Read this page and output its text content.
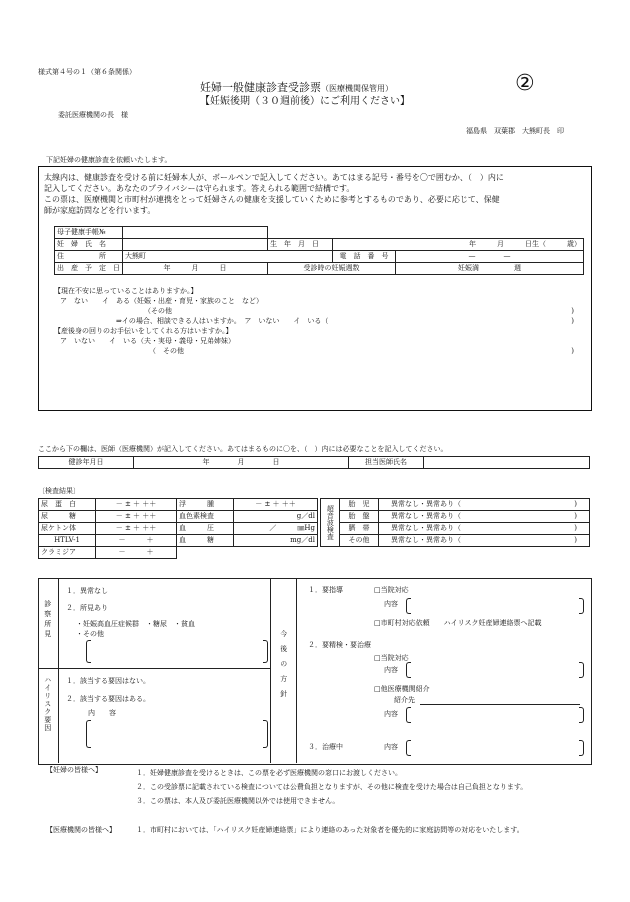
様式第４号の１（第６条関係）
妊婦一般健康診査受診票（医療機関保管用）
【妊娠後期（３０週前後）にご利用ください】
②
委託医療機関の長　様
福島県　双葉郡　大熊町長　印
下記妊婦の健康診査を依頼いたします。
太線内は、健康診査を受ける前に妊婦本人が、ボールペンで記入してください。あてはまる記号・番号を〇で囲むか、（　）内に
記入してください。あなたのプライバシーは守られます。答えられる範囲で結構です。
この票は、医療機関と市町村が連携をとって妊婦さんの健康を支援していくために参考とするものであり、必要に応じて、保健
師が家庭訪問などを行います。
母子健康手帳№				
妊　婦　氏　名		生　年　月　日	年　　　月　　　日生（　　　歳）	
住　　　　　所	大熊町		電　話　番　号	—　　　　—
出　産　予　定　日	年　　　月　　　日	受診時の妊娠週数		妊娠満　　　　　週
【現在不安に思っていることはありますか。】
ア　ない　　イ　ある（妊娠・出産・育児・家族のこと　など）
（その他	)
⇒イの場合、相談できる人はいますか。　ア　いない　　イ　いる（	)
【産後身の回りのお手伝いをしてくれる方はいますか。】
ア　いない　　イ　いる（夫・実母・義母・兄弟姉妹）
（　その他	)
ここから下の欄は、医師（医療機関）が記入してください。あてはまるものに〇を、（　）内には必要なことを記入してください。
健診年月日	年　　　　月　　　　日	担当医師氏名	
〔検査結果〕
尿　蛋　白	－ ± ＋ ＋＋	浮　　　腫	－ ± ＋ ＋＋
尿　　　糖	－ ± ＋ ＋＋	血色素検査	g／dl
尿ケトン体	－ ± ＋ ＋＋	血　　　圧	／　　　㎜Hg
HTLV-1	－　　　＋	血　　　糖	mg／dl
クラミジア	－　　　＋		
超音波検査	胎　児	異常なし・異常あり（ )

	胎　盤	異常なし・異常あり（ )

	臍　帯	異常なし・異常あり（ )

	その他	異常なし・異常あり（ )
診察所見
ハイリスク要因	今後の方針
１．異常なし
２．所見あり
・妊娠高血圧症候群　・糖尿　・貧血
・その他
１．該当する要因はない。
２．該当する要因はある。
内　　容
１．要指導	□当院対応
内容
□市町村対応依頼　　ハイリスク妊産婦連絡票へ記載
２．要精検・要治療
□当院対応
内容
□他医療機関紹介
紹介先
内容
３．治療中	内容
【妊婦の皆様へ】	１．妊婦健康診査を受けるときは、この票を必ず医療機関の窓口にお渡しください。
２．この受診票に記載されている検査については公費負担となりますが、その他に検査を受けた場合は自己負担となります。
３．この票は、本人及び委託医療機関以外では使用できません。
【医療機関の皆様へ】	１．市町村においては、「ハイリスク妊産婦連絡票」により連絡のあった対象者を優先的に家庭訪問等の対応をいたします。
